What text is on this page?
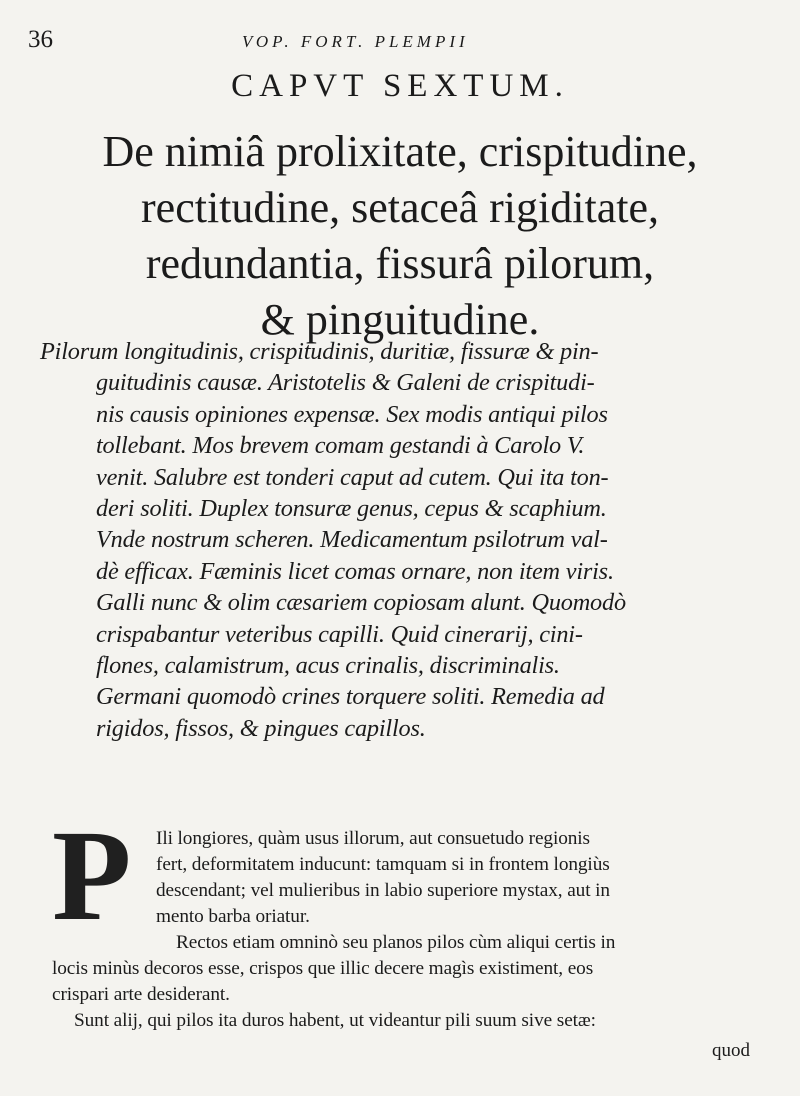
36	VOP. FORT. PLEMPII
CAPVT SEXTUM.
De nimiâ prolixitate, crispitudine,
rectitudine, setaceâ rigiditate,
redundantia, fissurâ pilorum,
& pinguitudine.
Pilorum longitudinis, crispitudinis, duritiæ, fissuræ & pin-
guitudinis causæ. Aristotelis & Galeni de crispitudi-
nis causis opiniones expensæ. Sex modis antiqui pilos
tollebant. Mos brevem comam gestandi à Carolo V.
venit. Salubre est tonderi caput ad cutem. Qui ita ton-
deri soliti. Duplex tonsuræ genus, cepus & scaphium.
Vnde nostrum scheren. Medicamentum psilotrum val-
dè efficax. Fæminis licet comas ornare, non item viris.
Galli nunc & olim cæsariem copiosam alunt. Quomodò
crispabantur veteribus capilli. Quid cinerarij, cini-
flones, calamistrum, acus crinalis, discriminalis.
Germani quomodò crines torquere soliti. Remedia ad
rigidos, fissos, & pingues capillos.
P	Ili longiores, quàm usus illorum, aut consuetudo regionis
fert, deformitatem inducunt: tamquam si in frontem longiùs
descendant; vel mulieribus in labio superiore mystax, aut in
mento barba oriatur.
Rectos etiam omninò seu planos pilos cùm aliqui certis in
locis minùs decoros esse, crispos que illic decere magìs existiment, eos
crispari arte desiderant.
Sunt alij, qui pilos ita duros habent, ut videantur pili suum sive setæ:
quod
